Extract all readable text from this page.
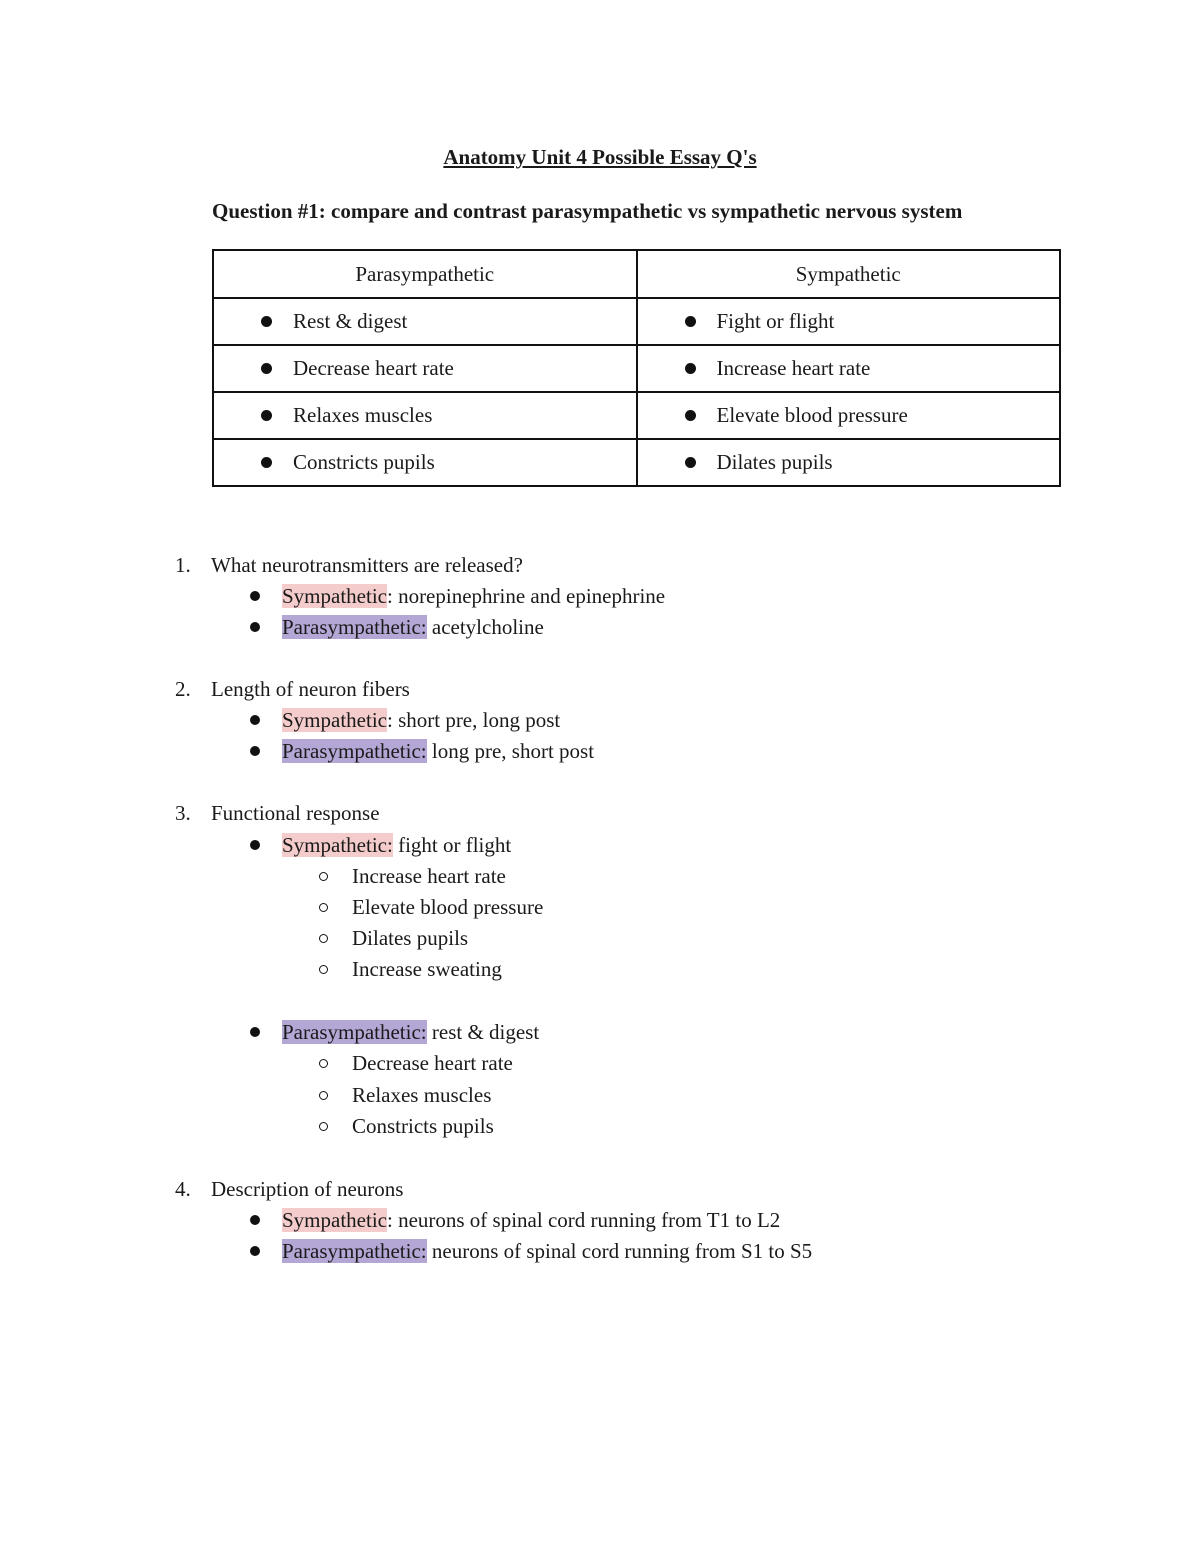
Anatomy Unit 4 Possible Essay Q's
Question #1: compare and contrast parasympathetic vs sympathetic nervous system
Parasympathetic	Sympathetic

Rest & digest	Fight or flight

Decrease heart rate	Increase heart rate

Relaxes muscles	Elevate blood pressure

Constricts pupils	Dilates pupils
1. What neurotransmitters are released?
Sympathetic: norepinephrine and epinephrine
Parasympathetic: acetylcholine
2. Length of neuron fibers
Sympathetic: short pre, long post
Parasympathetic: long pre, short post
3. Functional response
Sympathetic: fight or flight
Increase heart rate
Elevate blood pressure
Dilates pupils
Increase sweating
Parasympathetic: rest & digest
Decrease heart rate
Relaxes muscles
Constricts pupils
4. Description of neurons
Sympathetic: neurons of spinal cord running from T1 to L2
Parasympathetic: neurons of spinal cord running from S1 to S5
